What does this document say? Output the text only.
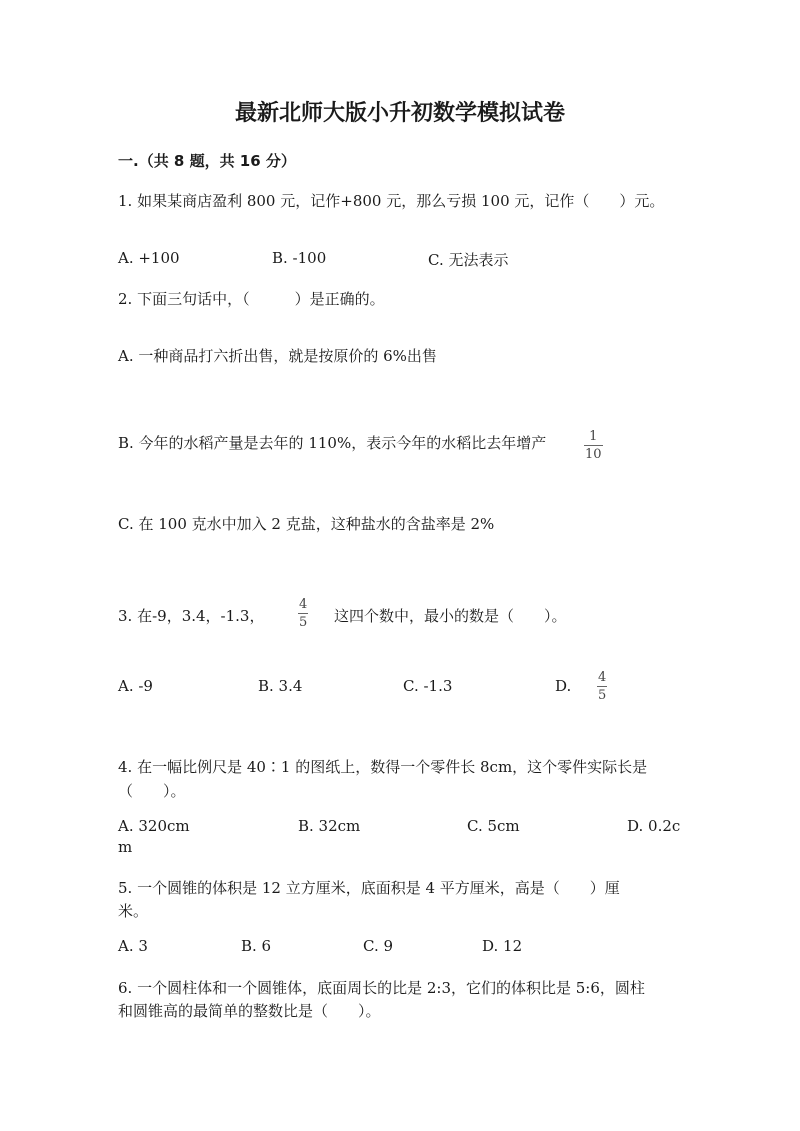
最新北师大版小升初数学模拟试卷
一.（共 8 题，共 16 分）
1. 如果某商店盈利 800 元，记作+800 元，那么亏损 100 元，记作（　　）元。
A. +100	B. -100	C. 无法表示
2. 下面三句话中，（　　　）是正确的。
A. 一种商品打六折出售，就是按原价的 6%出售
B. 今年的水稻产量是去年的 110%，表示今年的水稻比去年增产	1
10
C. 在 100 克水中加入 2 克盐，这种盐水的含盐率是 2%
3. 在-9，3.4，-1.3，
4
5 这四个数中，最小的数是（　　）。
A. -9	B. 3.4	C. -1.3	D. 4
5
4. 在一幅比例尺是 40∶1 的图纸上，数得一个零件长 8cm，这个零件实际长是
（　　）。
A. 320cm	B. 32cm	C. 5cm	D. 0.2c
m
5. 一个圆锥的体积是 12 立方厘米，底面积是 4 平方厘米，高是（　　）厘
米。
A. 3	B. 6	C. 9	D. 12
6. 一个圆柱体和一个圆锥体，底面周长的比是 2:3，它们的体积比是 5:6，圆柱
和圆锥高的最简单的整数比是（　　）。
